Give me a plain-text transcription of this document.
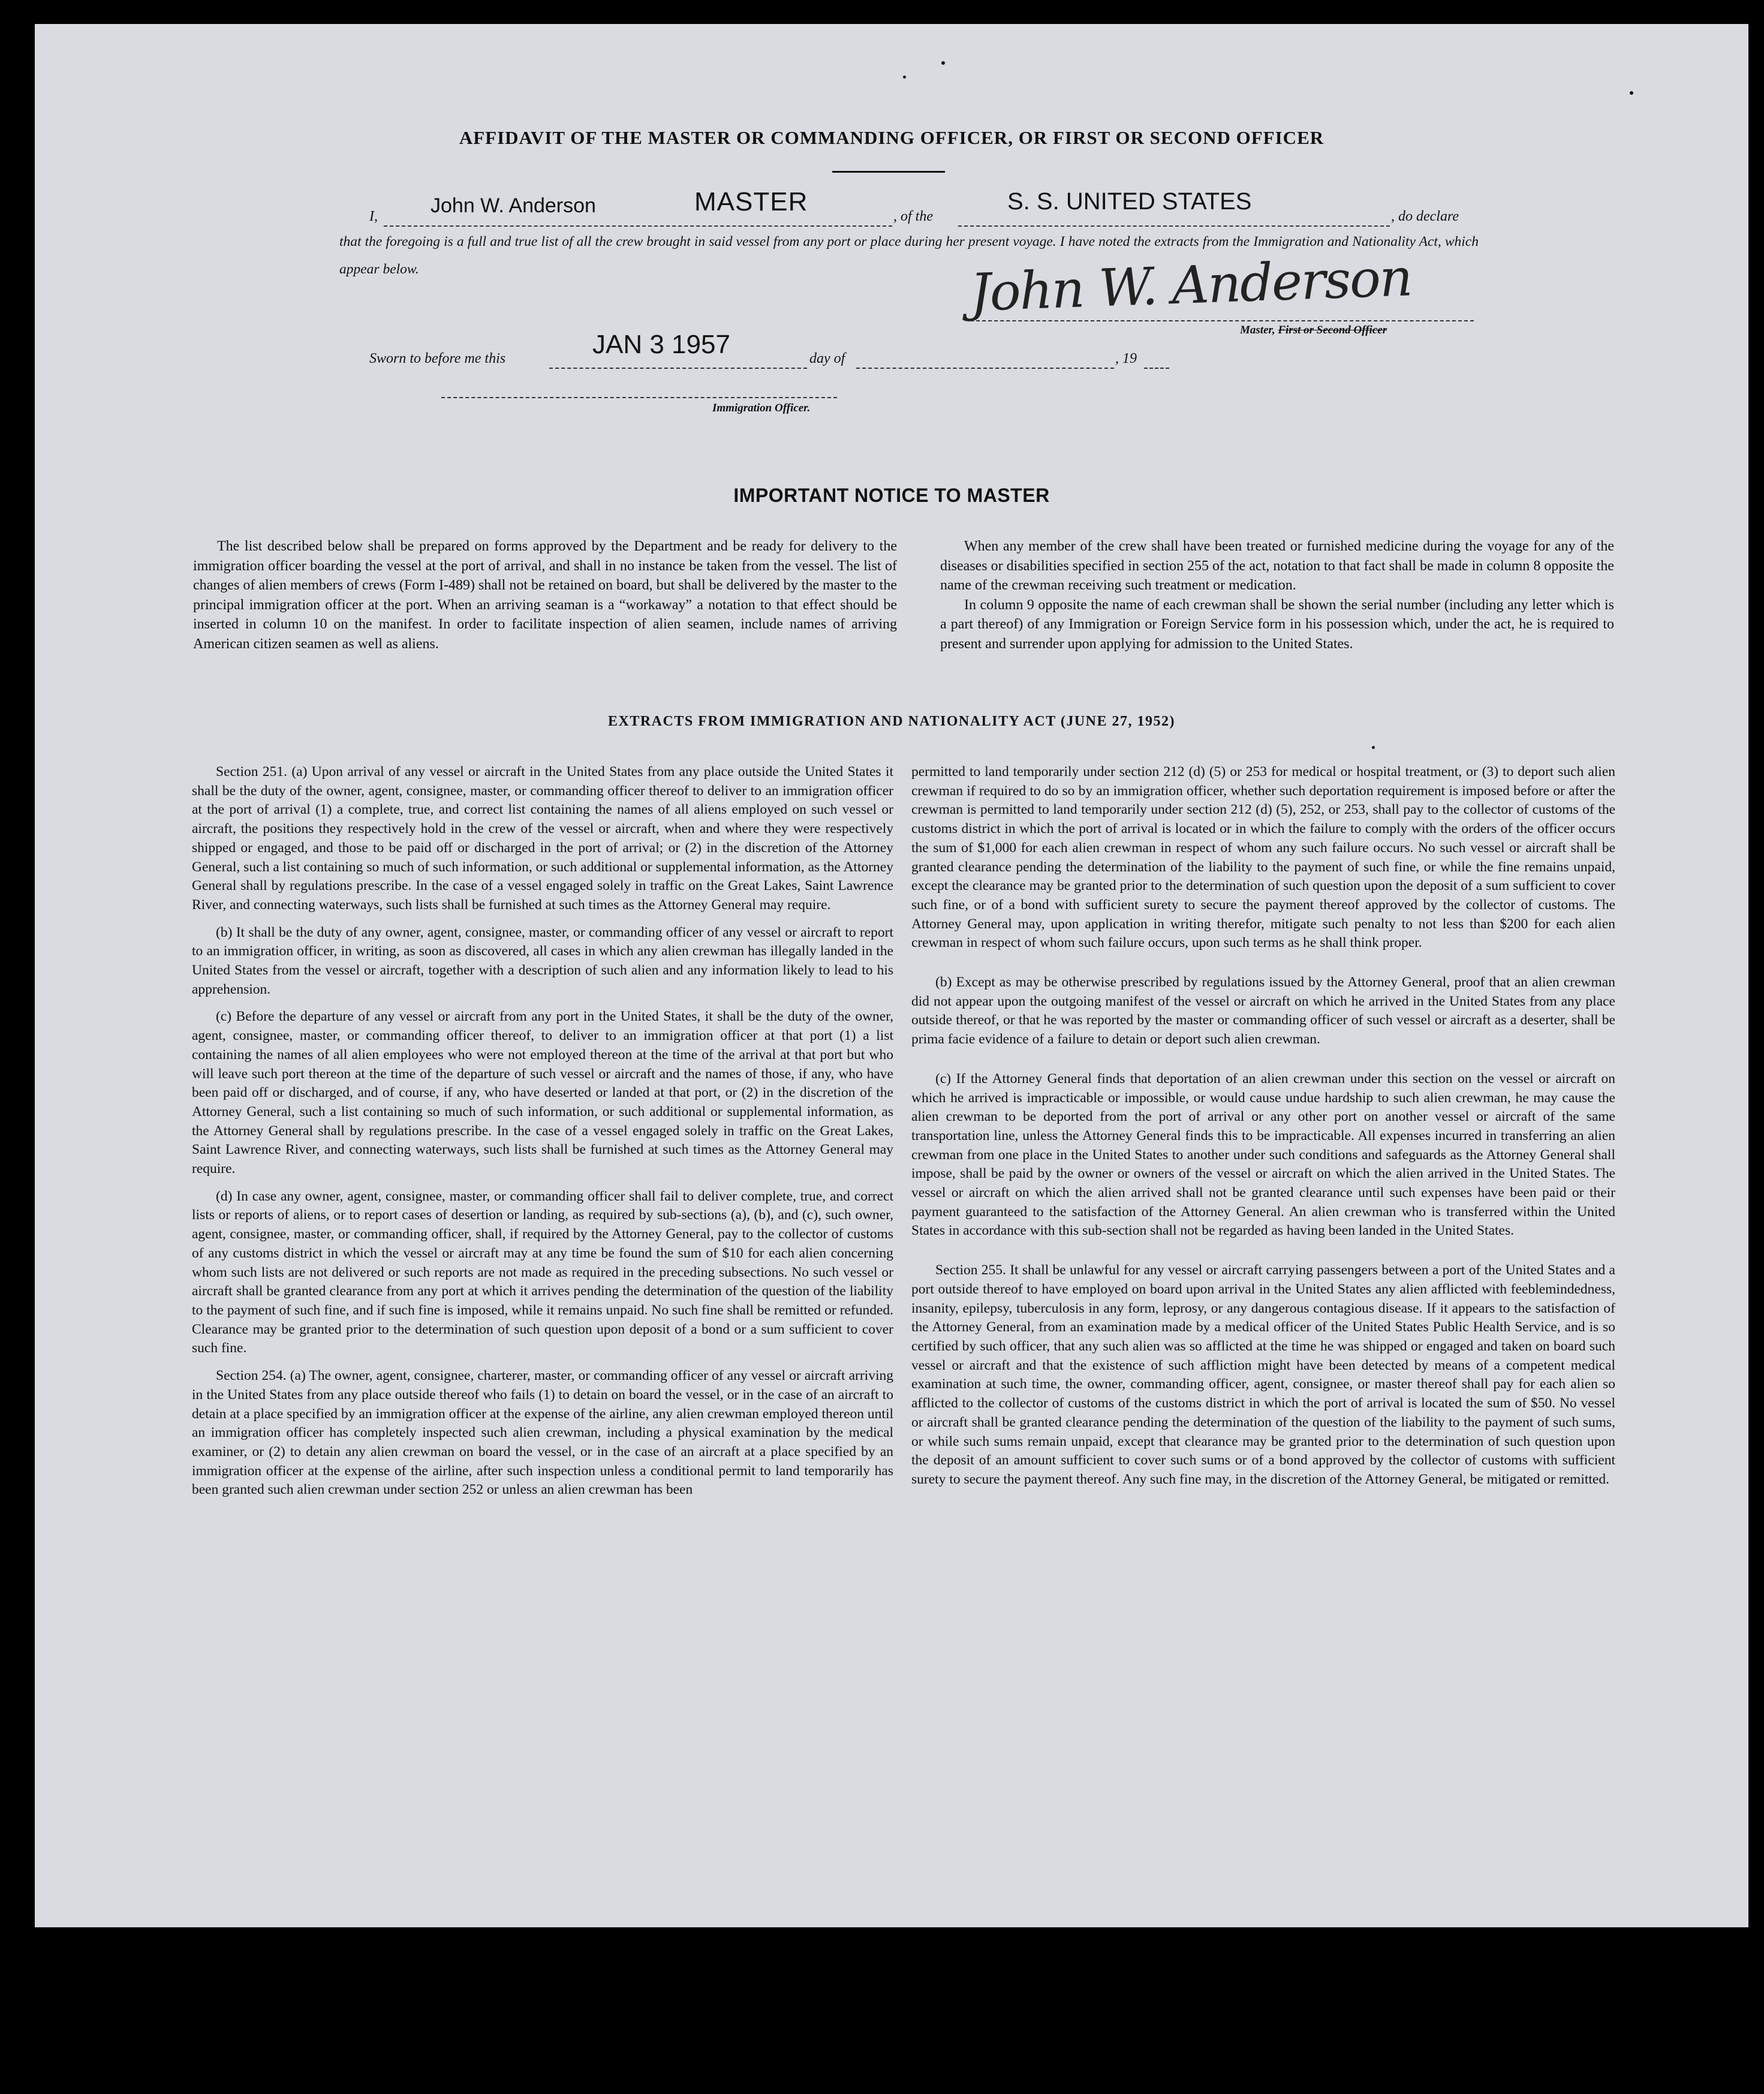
AFFIDAVIT OF THE MASTER OR COMMANDING OFFICER, OR FIRST OR SECOND OFFICER
I,	John W. Anderson	MASTER	, of the
S. S. UNITED STATES
, do declare
that the foregoing is a full and true list of all the crew brought in said vessel from any port or place during her present voyage. I have noted the extracts from the Immigration and Nationality Act, which appear below.	John W. Anderson
Master, First or Second Officer
Sworn to before me this	JAN 3 1957	day of	, 19
Immigration Officer.
IMPORTANT NOTICE TO MASTER

The list described below shall be prepared on forms approved by the Department and be ready for delivery to the immigration officer boarding the vessel at the port of arrival, and shall in no instance be taken from the vessel. The list of changes of alien members of crews (Form I-489) shall not be retained on board, but shall be delivered by the master to the principal immigration officer at the port. When an arriving seaman is a “workaway” a notation to that effect should be inserted in column 10 on the manifest. In order to facilitate inspection of alien seamen, include names of arriving American citizen seamen as well as aliens.

When any member of the crew shall have been treated or furnished medicine during the voyage for any of the diseases or disabilities specified in section 255 of the act, notation to that fact shall be made in column 8 opposite the name of the crewman receiving such treatment or medication.

In column 9 opposite the name of each crewman shall be shown the serial number (including any letter which is a part thereof) of any Immigration or Foreign Service form in his possession which, under the act, he is required to present and surrender upon applying for admission to the United States.

EXTRACTS FROM IMMIGRATION AND NATIONALITY ACT (JUNE 27, 1952)

Section 251. (a) Upon arrival of any vessel or aircraft in the United States from any place outside the United States it shall be the duty of the owner, agent, consignee, master, or commanding officer thereof to deliver to an immigration officer at the port of arrival (1) a complete, true, and correct list containing the names of all aliens employed on such vessel or aircraft, the positions they respectively hold in the crew of the vessel or aircraft, when and where they were respectively shipped or engaged, and those to be paid off or discharged in the port of arrival; or (2) in the discretion of the Attorney General, such a list containing so much of such information, or such additional or supplemental information, as the Attorney General shall by regulations prescribe. In the case of a vessel engaged solely in traffic on the Great Lakes, Saint Lawrence River, and connecting waterways, such lists shall be furnished at such times as the Attorney General may require.

(b) It shall be the duty of any owner, agent, consignee, master, or commanding officer of any vessel or aircraft to report to an immigration officer, in writing, as soon as discovered, all cases in which any alien crewman has illegally landed in the United States from the vessel or aircraft, together with a description of such alien and any information likely to lead to his apprehension.

(c) Before the departure of any vessel or aircraft from any port in the United States, it shall be the duty of the owner, agent, consignee, master, or commanding officer thereof, to deliver to an immigration officer at that port (1) a list containing the names of all alien employees who were not employed thereon at the time of the arrival at that port but who will leave such port thereon at the time of the departure of such vessel or aircraft and the names of those, if any, who have been paid off or discharged, and of course, if any, who have deserted or landed at that port, or (2) in the discretion of the Attorney General, such a list containing so much of such information, or such additional or supplemental information, as the Attorney General shall by regulations prescribe. In the case of a vessel engaged solely in traffic on the Great Lakes, Saint Lawrence River, and connecting waterways, such lists shall be furnished at such times as the Attorney General may require.

(d) In case any owner, agent, consignee, master, or commanding officer shall fail to deliver complete, true, and correct lists or reports of aliens, or to report cases of desertion or landing, as required by sub-sections (a), (b), and (c), such owner, agent, consignee, master, or commanding officer, shall, if required by the Attorney General, pay to the collector of customs of any customs district in which the vessel or aircraft may at any time be found the sum of $10 for each alien concerning whom such lists are not delivered or such reports are not made as required in the preceding subsections. No such vessel or aircraft shall be granted clearance from any port at which it arrives pending the determination of the question of the liability to the payment of such fine, and if such fine is imposed, while it remains unpaid. No such fine shall be remitted or refunded. Clearance may be granted prior to the determination of such question upon deposit of a bond or a sum sufficient to cover such fine.

Section 254. (a) The owner, agent, consignee, charterer, master, or commanding officer of any vessel or aircraft arriving in the United States from any place outside thereof who fails (1) to detain on board the vessel, or in the case of an aircraft to detain at a place specified by an immigration officer at the expense of the airline, any alien crewman employed thereon until an immigration officer has completely inspected such alien crewman, including a physical examination by the medical examiner, or (2) to detain any alien crewman on board the vessel, or in the case of an aircraft at a place specified by an immigration officer at the expense of the airline, after such inspection unless a conditional permit to land temporarily has been granted such alien crewman under section 252 or unless an alien crewman has been

permitted to land temporarily under section 212 (d) (5) or 253 for medical or hospital treatment, or (3) to deport such alien crewman if required to do so by an immigration officer, whether such deportation requirement is imposed before or after the crewman is permitted to land temporarily under section 212 (d) (5), 252, or 253, shall pay to the collector of customs of the customs district in which the port of arrival is located or in which the failure to comply with the orders of the officer occurs the sum of $1,000 for each alien crewman in respect of whom any such failure occurs. No such vessel or aircraft shall be granted clearance pending the determination of the liability to the payment of such fine, or while the fine remains unpaid, except the clearance may be granted prior to the determination of such question upon the deposit of a sum sufficient to cover such fine, or of a bond with sufficient surety to secure the payment thereof approved by the collector of customs. The Attorney General may, upon application in writing therefor, mitigate such penalty to not less than $200 for each alien crewman in respect of whom such failure occurs, upon such terms as he shall think proper.

(b) Except as may be otherwise prescribed by regulations issued by the Attorney General, proof that an alien crewman did not appear upon the outgoing manifest of the vessel or aircraft on which he arrived in the United States from any place outside thereof, or that he was reported by the master or commanding officer of such vessel or aircraft as a deserter, shall be prima facie evidence of a failure to detain or deport such alien crewman.

(c) If the Attorney General finds that deportation of an alien crewman under this section on the vessel or aircraft on which he arrived is impracticable or impossible, or would cause undue hardship to such alien crewman, he may cause the alien crewman to be deported from the port of arrival or any other port on another vessel or aircraft of the same transportation line, unless the Attorney General finds this to be impracticable. All expenses incurred in transferring an alien crewman from one place in the United States to another under such conditions and safeguards as the Attorney General shall impose, shall be paid by the owner or owners of the vessel or aircraft on which the alien arrived in the United States. The vessel or aircraft on which the alien arrived shall not be granted clearance until such expenses have been paid or their payment guaranteed to the satisfaction of the Attorney General. An alien crewman who is transferred within the United States in accordance with this sub-section shall not be regarded as having been landed in the United States.

Section 255. It shall be unlawful for any vessel or aircraft carrying passengers between a port of the United States and a port outside thereof to have employed on board upon arrival in the United States any alien afflicted with feeblemindedness, insanity, epilepsy, tuberculosis in any form, leprosy, or any dangerous contagious disease. If it appears to the satisfaction of the Attorney General, from an examination made by a medical officer of the United States Public Health Service, and is so certified by such officer, that any such alien was so afflicted at the time he was shipped or engaged and taken on board such vessel or aircraft and that the existence of such affliction might have been detected by means of a competent medical examination at such time, the owner, commanding officer, agent, consignee, or master thereof shall pay for each alien so afflicted to the collector of customs of the customs district in which the port of arrival is located the sum of $50. No vessel or aircraft shall be granted clearance pending the determination of the question of the liability to the payment of such sums, or while such sums remain unpaid, except that clearance may be granted prior to the determination of such question upon the deposit of an amount sufficient to cover such sums or of a bond approved by the collector of customs with sufficient surety to secure the payment thereof. Any such fine may, in the discretion of the Attorney General, be mitigated or remitted.
